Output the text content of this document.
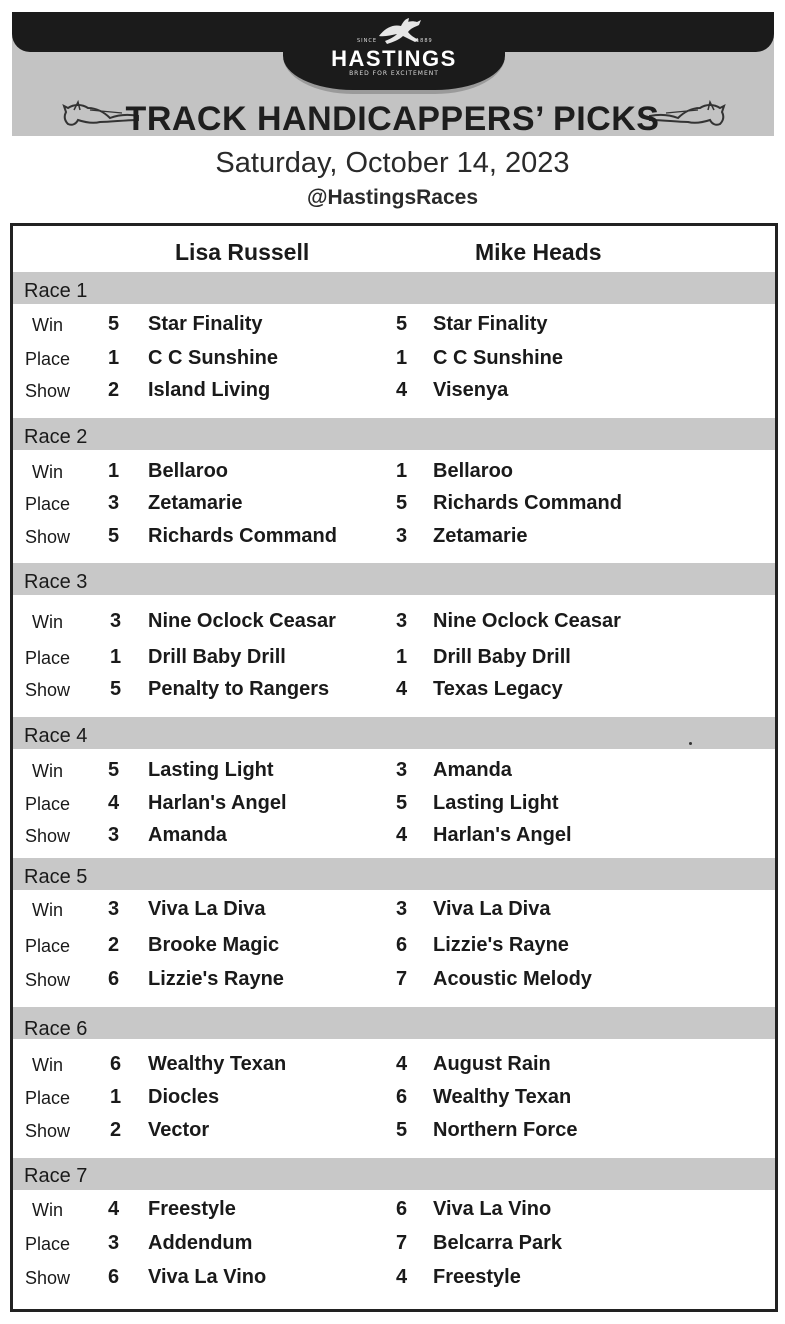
SINCE	1889
HASTINGS
BRED FOR EXCITEMENT
TRACK HANDICAPPERS’ PICKS
Saturday, October 14, 2023
@HastingsRaces
Lisa Russell	Mike Heads
Race 1
Win 5 Star Finality	5 Star Finality
Place 1 C C Sunshine	1 C C Sunshine
Show 2 Island Living	4 Visenya
Race 2
Win 1 Bellaroo	1 Bellaroo
Place 3 Zetamarie	5 Richards Command
Show 5 Richards Command	3 Zetamarie
Race 3
Win 3 Nine Oclock Ceasar	3 Nine Oclock Ceasar
Place 1 Drill Baby Drill	1 Drill Baby Drill
Show 5 Penalty to Rangers	4 Texas Legacy
Race 4
Win 5 Lasting Light	3 Amanda
Place 4 Harlan's Angel	5 Lasting Light
Show 3 Amanda	4 Harlan's Angel
Race 5
Win 3 Viva La Diva	3 Viva La Diva
Place 2 Brooke Magic	6 Lizzie's Rayne
Show 6 Lizzie's Rayne	7 Acoustic Melody
Race 6
Win 6 Wealthy Texan	4 August Rain
Place 1 Diocles	6 Wealthy Texan
Show 2 Vector	5 Northern Force
Race 7
Win 4 Freestyle	6 Viva La Vino
Place 3 Addendum	7 Belcarra Park
Show 6 Viva La Vino	4 Freestyle
